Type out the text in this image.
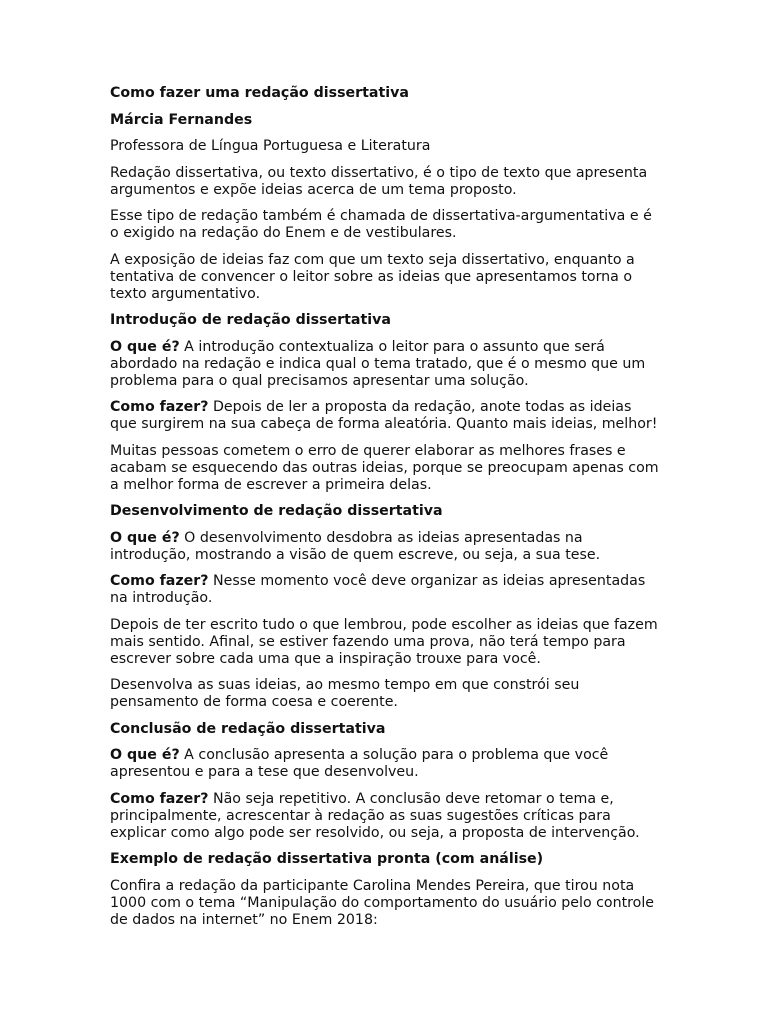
Como fazer uma redação dissertativa
Márcia Fernandes

Professora de Língua Portuguesa e Literatura

Redação dissertativa, ou texto dissertativo, é o tipo de texto que apresenta argumentos e expõe ideias acerca de um tema proposto.

Esse tipo de redação também é chamada de dissertativa-argumentativa e é o exigido na redação do Enem e de vestibulares.

A exposição de ideias faz com que um texto seja dissertativo, enquanto a tentativa de convencer o leitor sobre as ideias que apresentamos torna o texto argumentativo.

Introdução de redação dissertativa

O que é? A introdução contextualiza o leitor para o assunto que será abordado na redação e indica qual o tema tratado, que é o mesmo que um problema para o qual precisamos apresentar uma solução.

Como fazer? Depois de ler a proposta da redação, anote todas as ideias que surgirem na sua cabeça de forma aleatória. Quanto mais ideias, melhor!

Muitas pessoas cometem o erro de querer elaborar as melhores frases e acabam se esquecendo das outras ideias, porque se preocupam apenas com a melhor forma de escrever a primeira delas.

Desenvolvimento de redação dissertativa

O que é? O desenvolvimento desdobra as ideias apresentadas na introdução, mostrando a visão de quem escreve, ou seja, a sua tese.

Como fazer? Nesse momento você deve organizar as ideias apresentadas na introdução.

Depois de ter escrito tudo o que lembrou, pode escolher as ideias que fazem mais sentido. Afinal, se estiver fazendo uma prova, não terá tempo para escrever sobre cada uma que a inspiração trouxe para você.

Desenvolva as suas ideias, ao mesmo tempo em que constrói seu pensamento de forma coesa e coerente.

Conclusão de redação dissertativa

O que é? A conclusão apresenta a solução para o problema que você apresentou e para a tese que desenvolveu.

Como fazer? Não seja repetitivo. A conclusão deve retomar o tema e, principalmente, acrescentar à redação as suas sugestões críticas para explicar como algo pode ser resolvido, ou seja, a proposta de intervenção.

Exemplo de redação dissertativa pronta (com análise)

Confira a redação da participante Carolina Mendes Pereira, que tirou nota 1000 com o tema “Manipulação do comportamento do usuário pelo controle de dados na internet” no Enem 2018:
